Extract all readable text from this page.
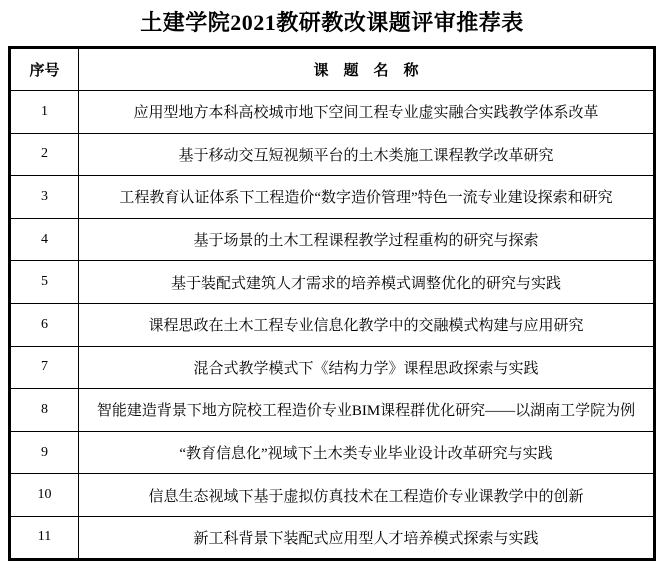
土建学院2021教研教改课题评审推荐表
序号	课　题　名　称
1	应用型地方本科高校城市地下空间工程专业虚实融合实践教学体系改革
2	基于移动交互短视频平台的土木类施工课程教学改革研究
3	工程教育认证体系下工程造价“数字造价管理”特色一流专业建设探索和研究
4	基于场景的土木工程课程教学过程重构的研究与探索
5	基于装配式建筑人才需求的培养模式调整优化的研究与实践
6	课程思政在土木工程专业信息化教学中的交融模式构建与应用研究
7	混合式教学模式下《结构力学》课程思政探索与实践
8	智能建造背景下地方院校工程造价专业BIM课程群优化研究——以湖南工学院为例
9	“教育信息化”视域下土木类专业毕业设计改革研究与实践
10	信息生态视域下基于虚拟仿真技术在工程造价专业课教学中的创新
11	新工科背景下装配式应用型人才培养模式探索与实践
